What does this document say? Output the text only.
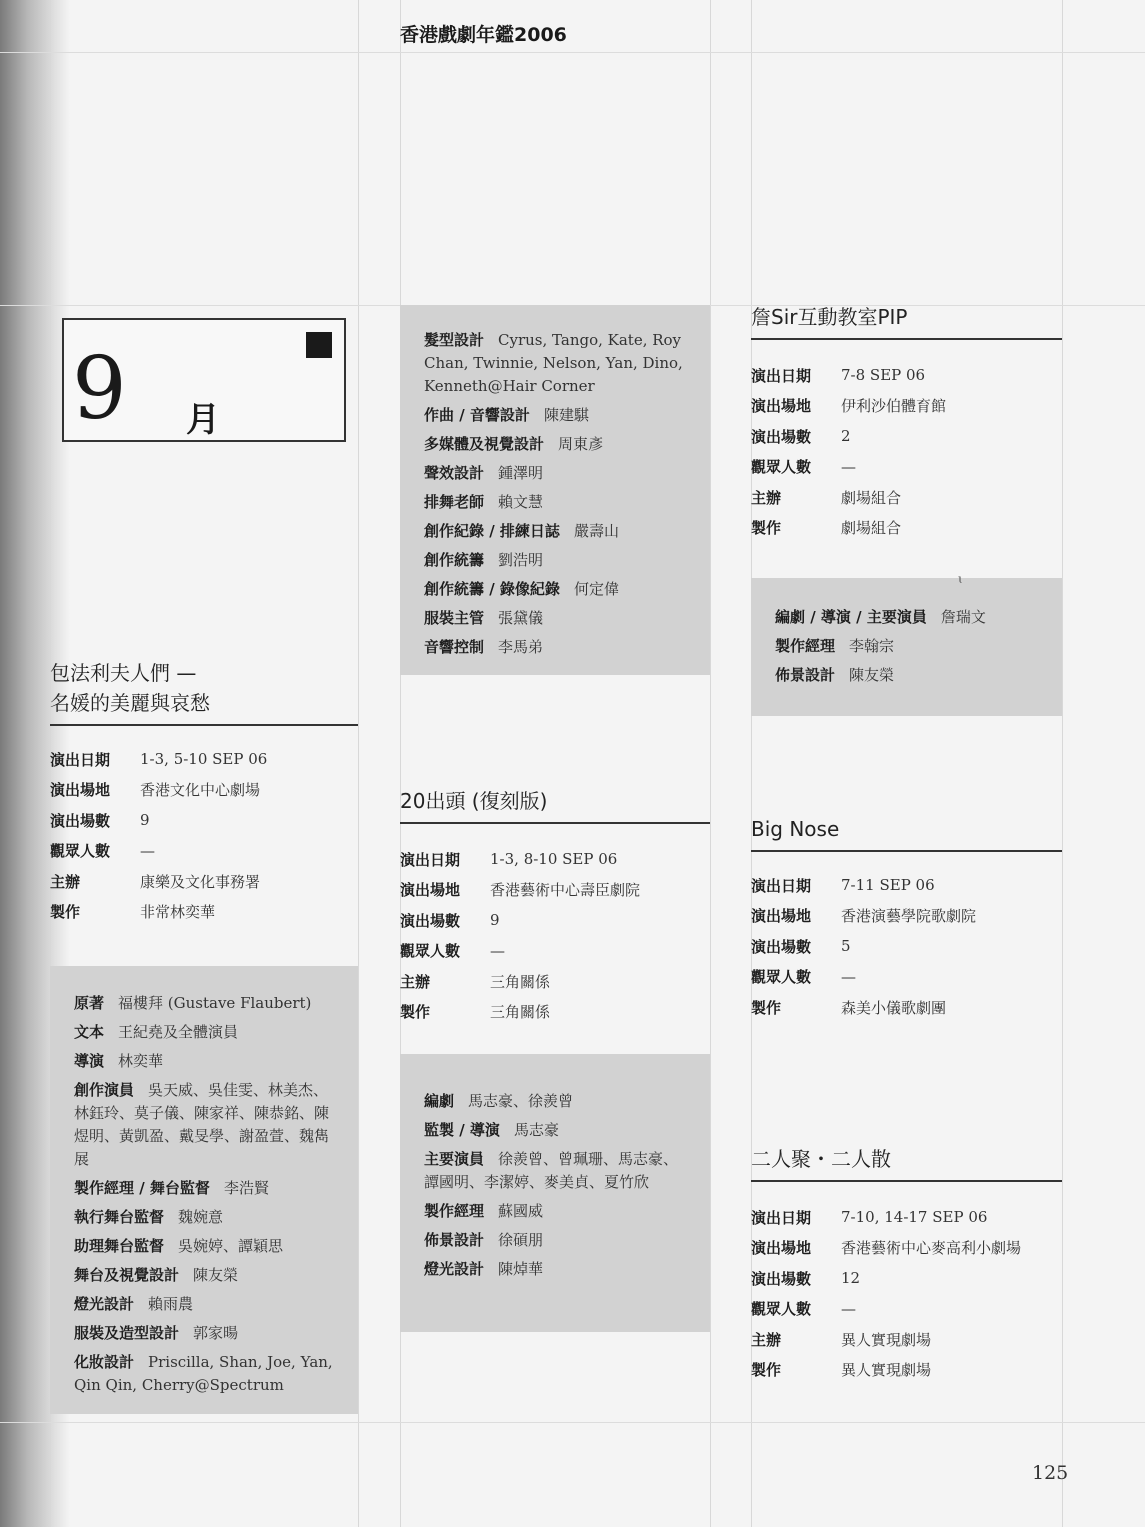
香港戲劇年鑑2006
9 月
包法利夫人們 —
名媛的美麗與哀愁
演出日期	1-3, 5-10 SEP 06
演出場地	香港文化中心劇場
演出場數	9
觀眾人數	—
主辦	康樂及文化事務署
製作	非常林奕華
原著 福樓拜 (Gustave Flaubert)
文本 王紀堯及全體演員
導演 林奕華
創作演員 吳天威、吳佳雯、林美杰、林鈺玲、莫子儀、陳家祥、陳恭銘、陳煜明、黃凱盈、戴旻學、謝盈萱、魏雋展
製作經理 / 舞台監督 李浩賢
執行舞台監督 魏婉意
助理舞台監督 吳婉婷、譚穎思
舞台及視覺設計 陳友榮
燈光設計 賴雨農
服裝及造型設計 郭家暘
化妝設計 Priscilla, Shan, Joe, Yan, Qin Qin, Cherry@Spectrum
髮型設計 Cyrus, Tango, Kate, Roy Chan, Twinnie, Nelson, Yan, Dino, Kenneth@Hair Corner
作曲 / 音響設計 陳建騏
多媒體及視覺設計 周東彥
聲效設計 鍾澤明
排舞老師 賴文慧
創作紀錄 / 排練日誌 嚴壽山
創作統籌 劉浩明
創作統籌 / 錄像紀錄 何定偉
服裝主管 張黛儀
音響控制 李馬弟
20出頭 (復刻版)
演出日期	1-3, 8-10 SEP 06
演出場地	香港藝術中心壽臣劇院
演出場數	9
觀眾人數	—
主辦	三角關係
製作	三角關係
編劇 馬志豪、徐羨曾
監製 / 導演 馬志豪
主要演員 徐羨曾、曾珮珊、馬志豪、譚國明、李潔婷、麥美貞、夏竹欣
製作經理 蘇國威
佈景設計 徐碩朋
燈光設計 陳焯華
詹Sir互動教室PIP
演出日期	7-8 SEP 06
演出場地	伊利沙伯體育館
演出場數	2
觀眾人數	—
主辦	劇場組合
製作	劇場組合
編劇 / 導演 / 主要演員 詹瑞文
製作經理 李翰宗
佈景設計 陳友榮
ɩ
Big Nose
演出日期	7-11 SEP 06
演出場地	香港演藝學院歌劇院
演出場數	5
觀眾人數	—
製作	森美小儀歌劇團
二人聚・二人散
演出日期	7-10, 14-17 SEP 06
演出場地	香港藝術中心麥高利小劇場
演出場數	12
觀眾人數	—
主辦	異人實現劇場
製作	異人實現劇場
125
